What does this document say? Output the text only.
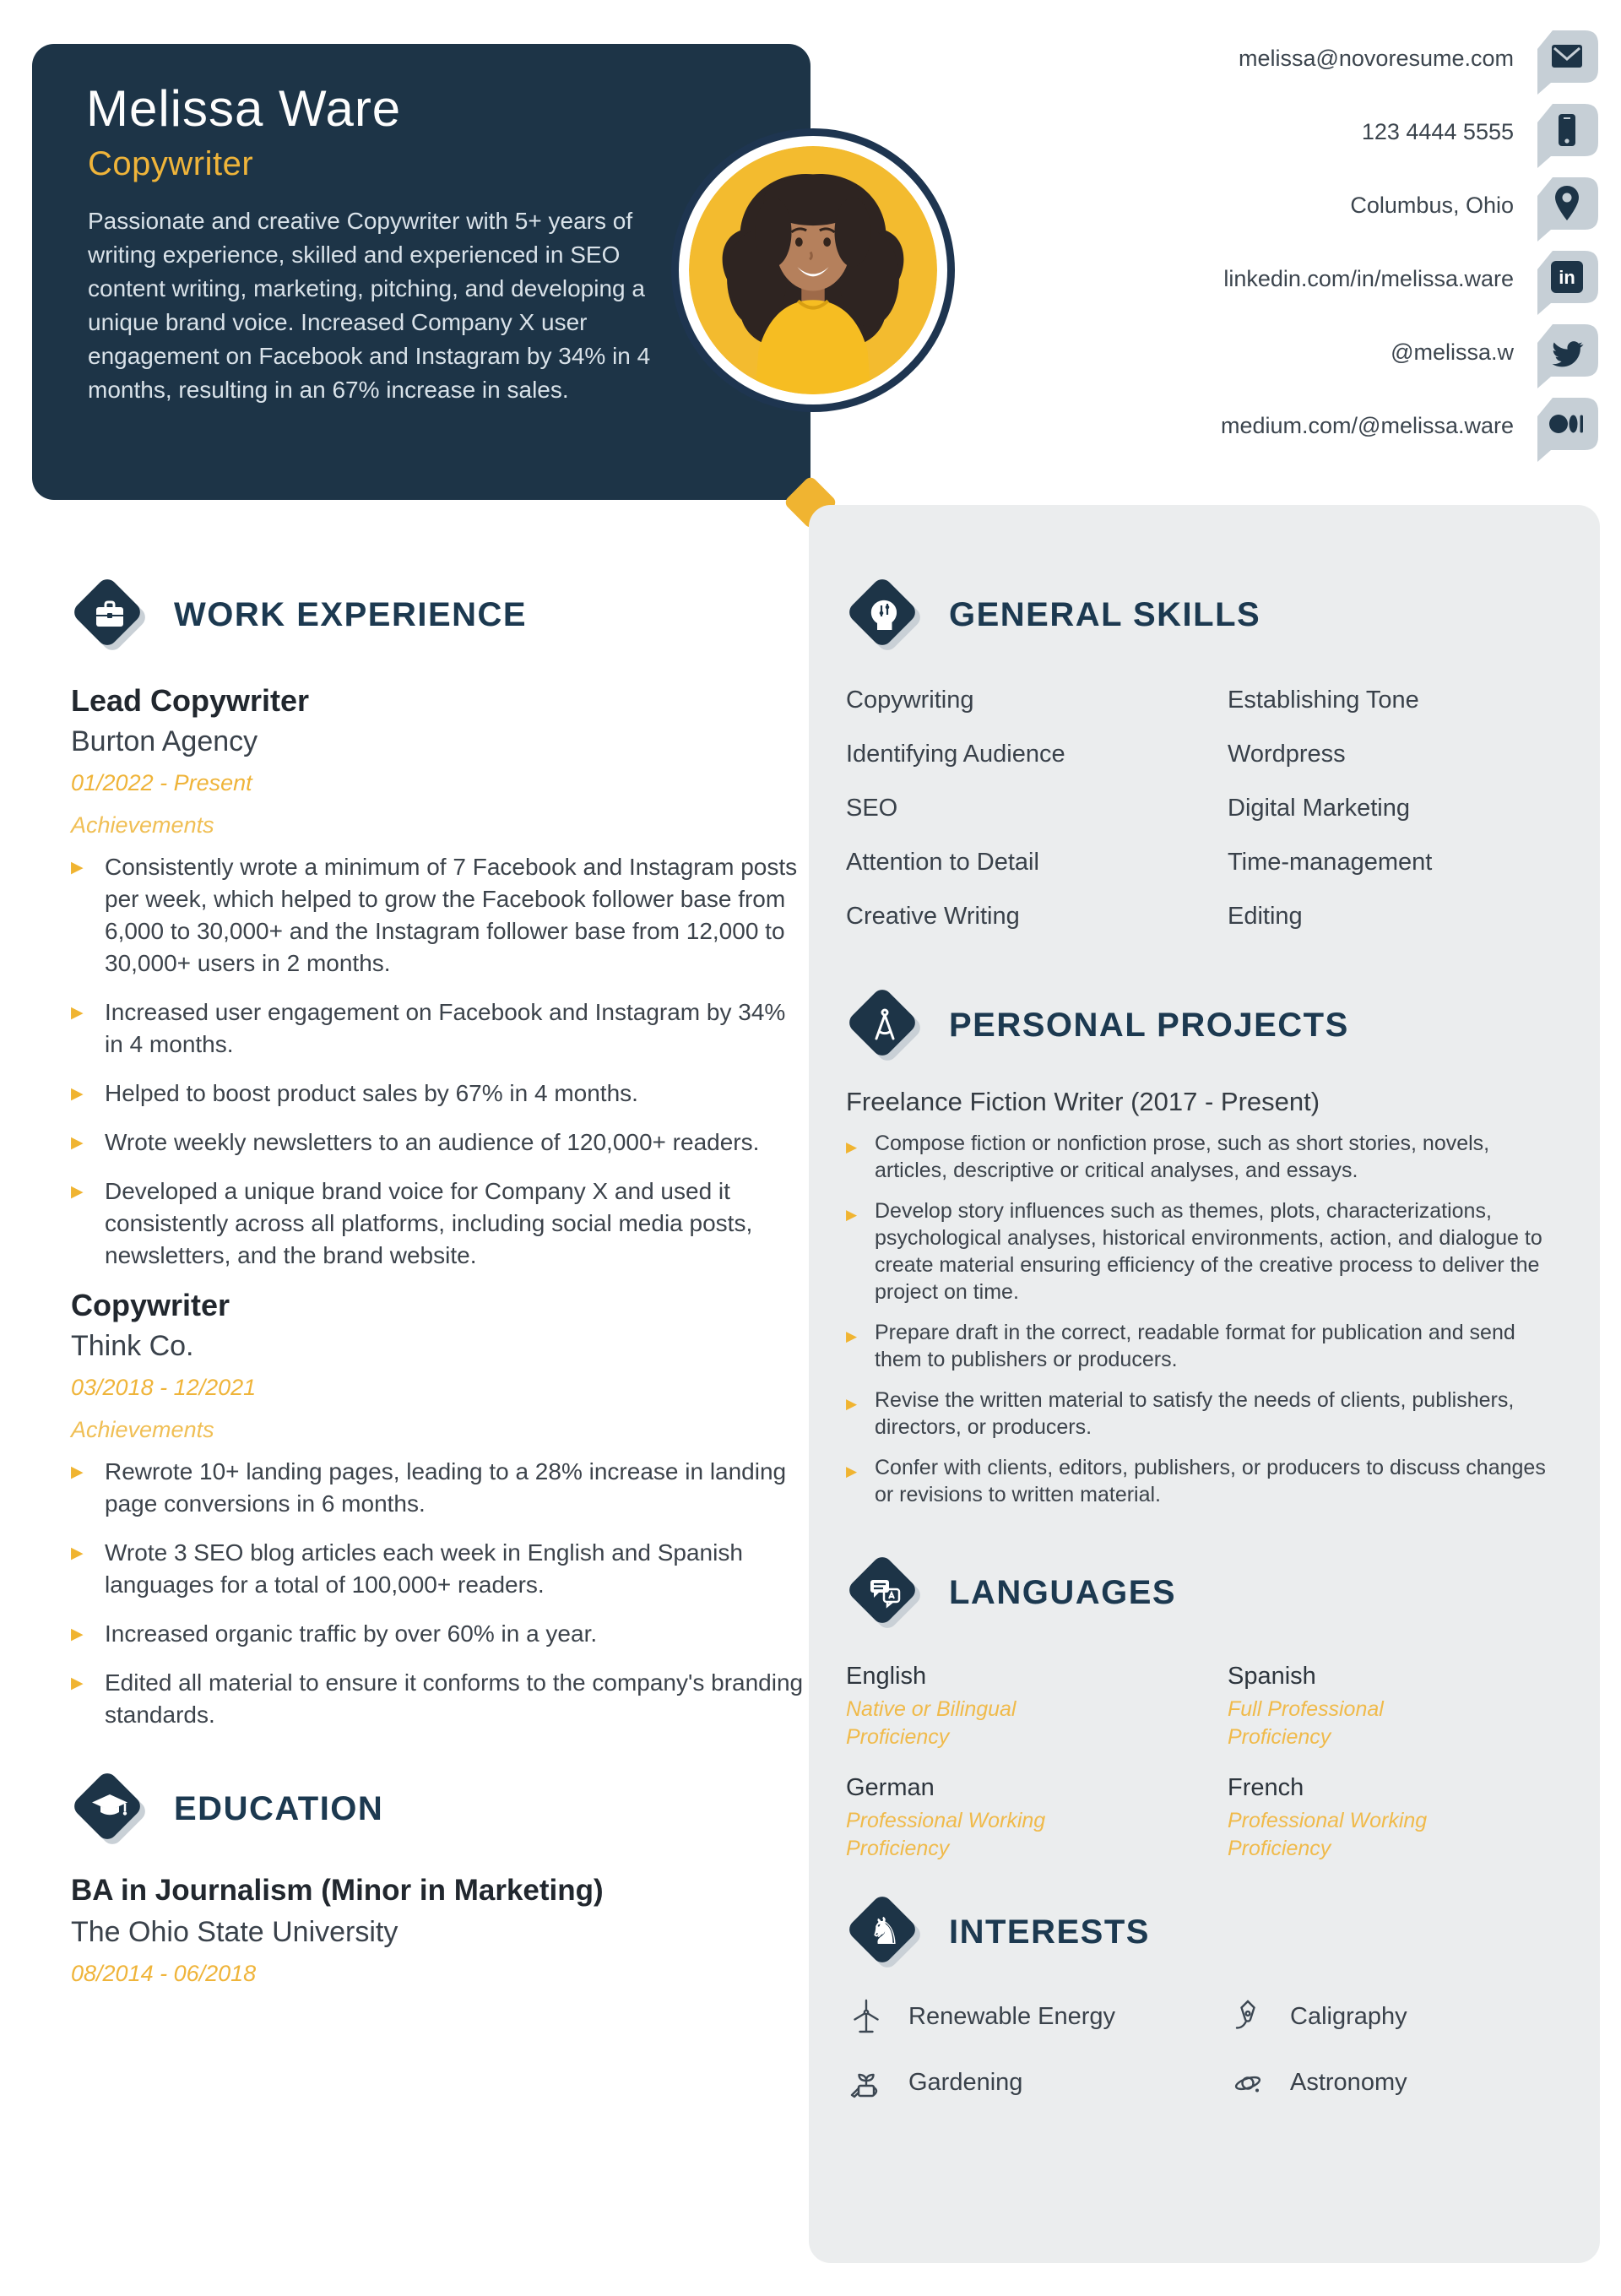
Melissa Ware
Copywriter

Passionate and creative Copywriter with 5+ years of writing experience, skilled and experienced in SEO content writing, marketing, pitching, and developing a unique brand voice. Increased Company X user engagement on Facebook and Instagram by 34% in 4 months, resulting in an 67% increase in sales.

melissa@novoresume.com
123 4444 5555
Columbus, Ohio
linkedin.com/in/melissa.ware in
@melissa.w
medium.com/@melissa.ware
WORK EXPERIENCE
Lead Copywriter
Burton Agency
01/2022 - Present
Achievements
▶ Consistently wrote a minimum of 7 Facebook and Instagram posts per week, which helped to grow the Facebook follower base from 6,000 to 30,000+ and the Instagram follower base from 12,000 to 30,000+ users in 2 months.
▶ Increased user engagement on Facebook and Instagram by 34% in 4 months.
▶ Helped to boost product sales by 67% in 4 months.
▶ Wrote weekly newsletters to an audience of 120,000+ readers.
▶ Developed a unique brand voice for Company X and used it consistently across all platforms, including social media posts, newsletters, and the brand website.
Copywriter
Think Co.
03/2018 - 12/2021
Achievements
▶ Rewrote 10+ landing pages, leading to a 28% increase in landing page conversions in 6 months.
▶ Wrote 3 SEO blog articles each week in English and Spanish languages for a total of 100,000+ readers.
▶ Increased organic traffic by over 60% in a year.
▶ Edited all material to ensure it conforms to the company's branding standards.
EDUCATION
BA in Journalism (Minor in Marketing)
The Ohio State University
08/2014 - 06/2018
GENERAL SKILLS
Copywriting	Establishing Tone
Identifying Audience	Wordpress
SEO	Digital Marketing
Attention to Detail	Time-management
Creative Writing	Editing
PERSONAL PROJECTS
Freelance Fiction Writer (2017 - Present)
▶ Compose fiction or nonfiction prose, such as short stories, novels, articles, descriptive or critical analyses, and essays.
▶ Develop story influences such as themes, plots, characterizations, psychological analyses, historical environments, action, and dialogue to create material ensuring efficiency of the creative process to deliver the project on time.
▶ Prepare draft in the correct, readable format for publication and send them to publishers or producers.
▶ Revise the written material to satisfy the needs of clients, publishers, directors, or producers.
▶ Confer with clients, editors, publishers, or producers to discuss changes or revisions to written material.
LANGUAGES
English
Native or Bilingual Proficiency
Spanish
Full Professional Proficiency
German
Professional Working Proficiency
French
Professional Working Proficiency
♞ INTERESTS
Renewable Energy	Caligraphy
Gardening	Astronomy
